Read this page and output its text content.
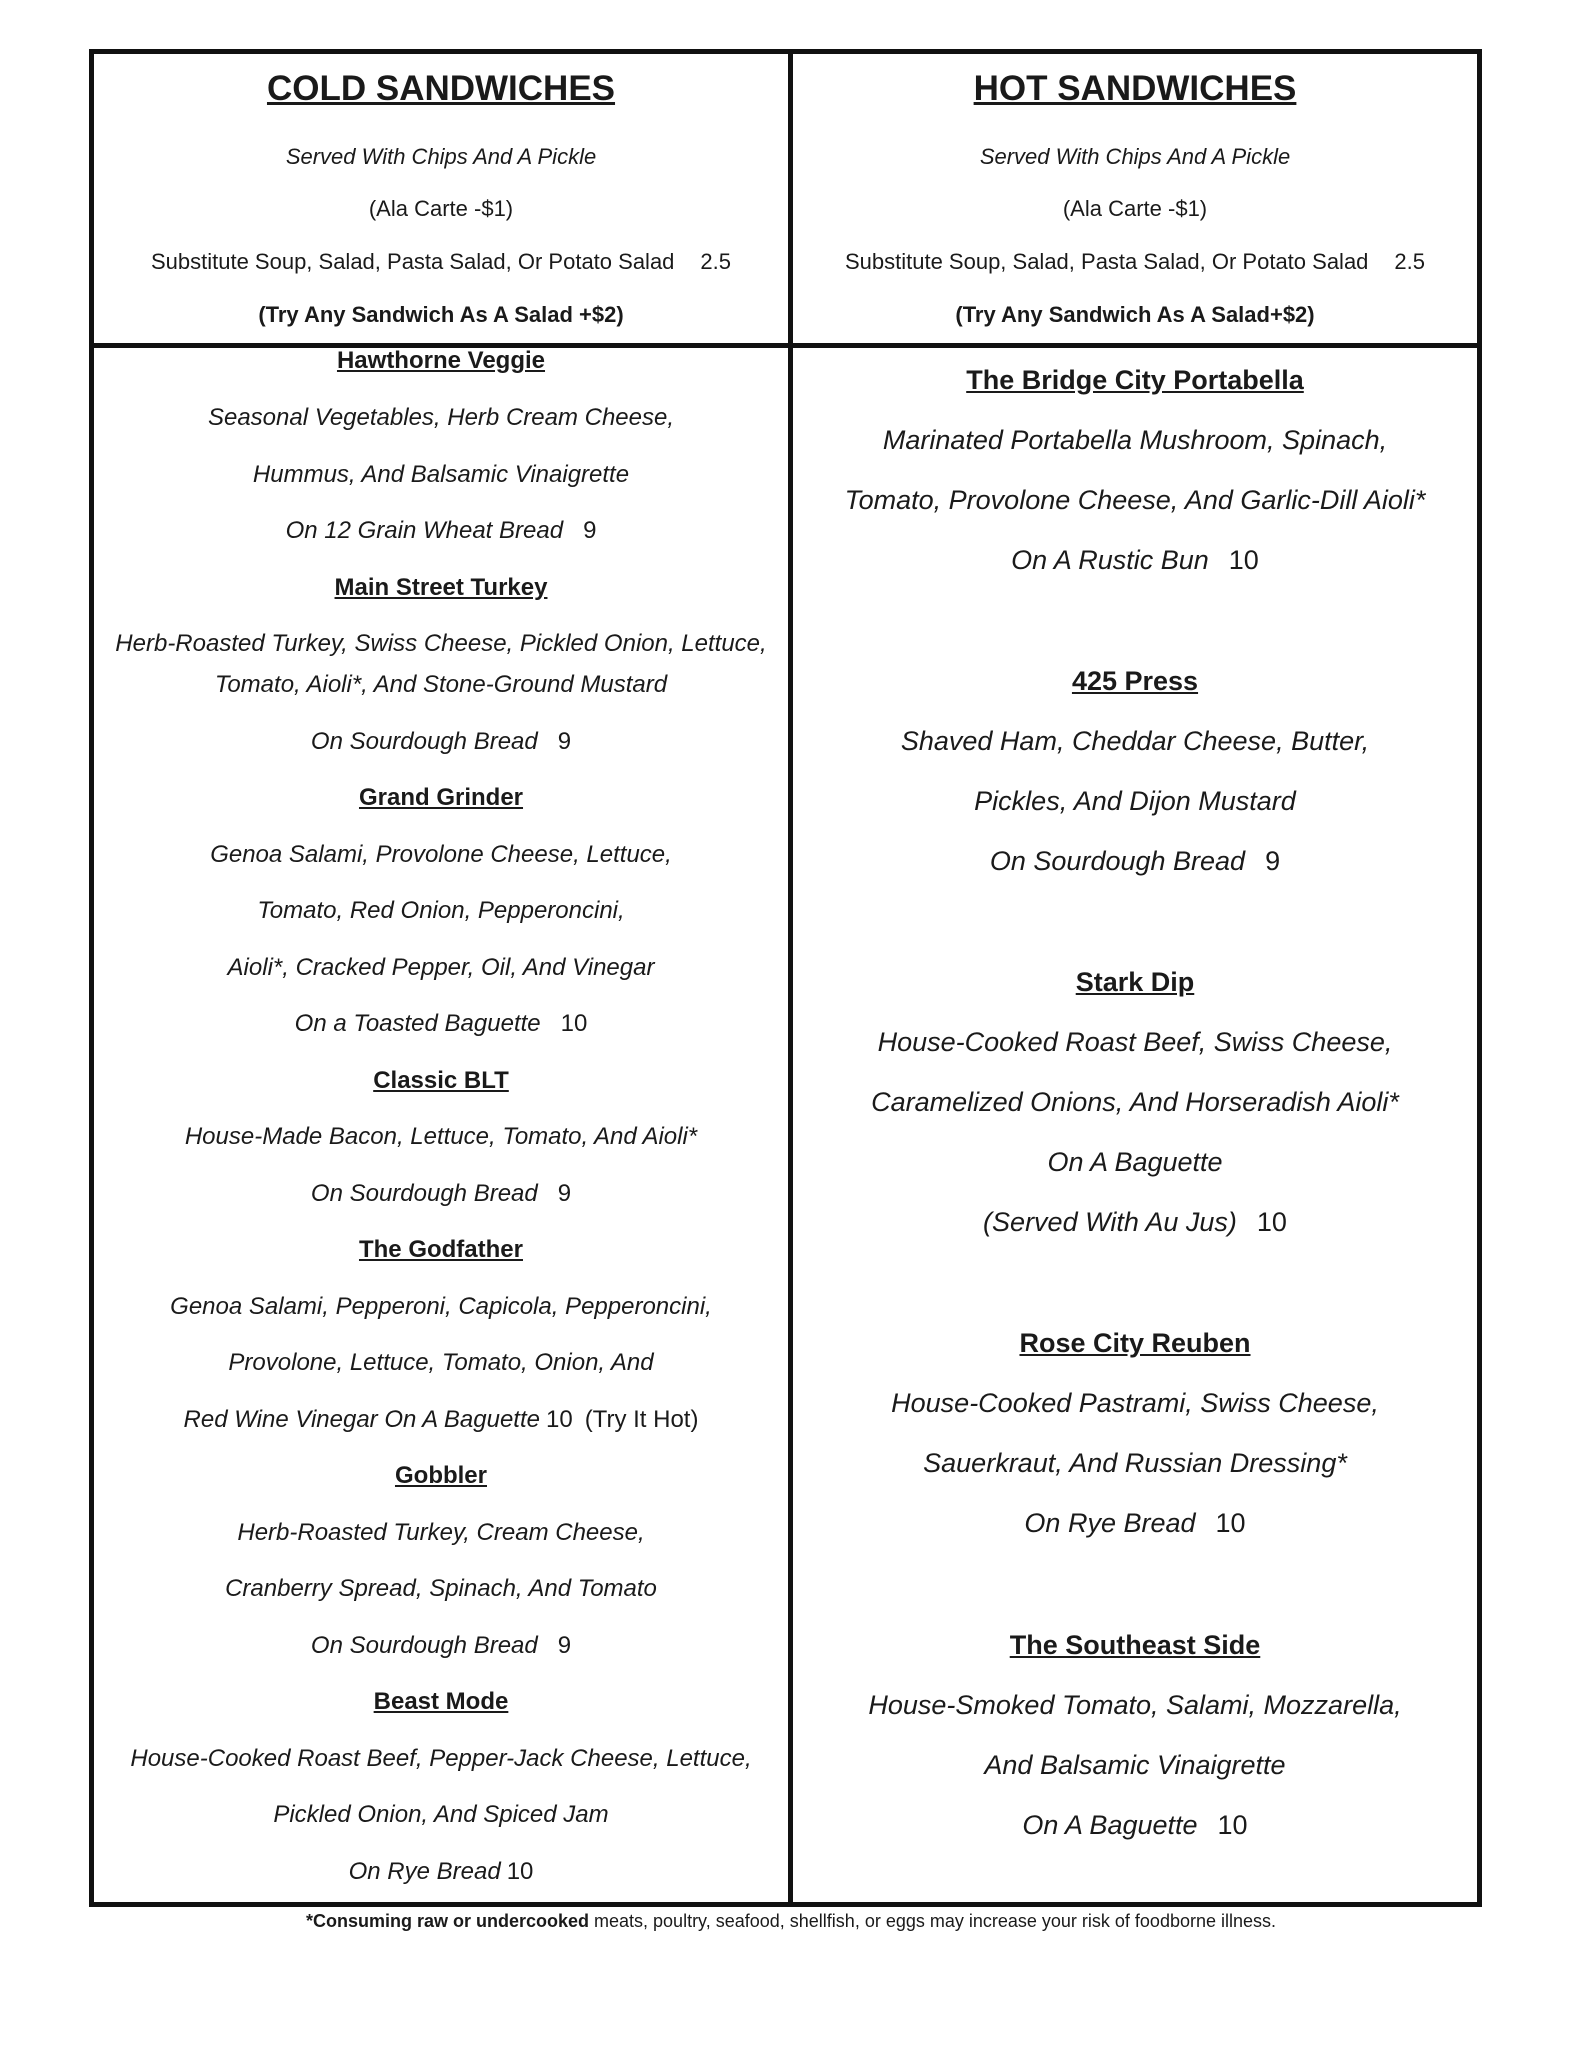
COLD SANDWICHES
Served With Chips And A Pickle
(Ala Carte -$1)
Substitute Soup, Salad, Pasta Salad, Or Potato Salad 2.5
(Try Any Sandwich As A Salad +$2)
HOT SANDWICHES
Served With Chips And A Pickle
(Ala Carte -$1)
Substitute Soup, Salad, Pasta Salad, Or Potato Salad 2.5
(Try Any Sandwich As A Salad+$2)
Hawthorne Veggie
Seasonal Vegetables, Herb Cream Cheese,
Hummus, And Balsamic Vinaigrette
On 12 Grain Wheat Bread 9
Main Street Turkey
Herb-Roasted Turkey, Swiss Cheese, Pickled Onion, Lettuce,
Tomato, Aioli*, And Stone-Ground Mustard
On Sourdough Bread 9
Grand Grinder
Genoa Salami, Provolone Cheese, Lettuce,
Tomato, Red Onion, Pepperoncini,
Aioli*, Cracked Pepper, Oil, And Vinegar
On a Toasted Baguette 10
Classic BLT
House-Made Bacon, Lettuce, Tomato, And Aioli*
On Sourdough Bread 9
The Godfather
Genoa Salami, Pepperoni, Capicola, Pepperoncini,
Provolone, Lettuce, Tomato, Onion, And
Red Wine Vinegar On A Baguette 10 (Try It Hot)
Gobbler
Herb-Roasted Turkey, Cream Cheese,
Cranberry Spread, Spinach, And Tomato
On Sourdough Bread 9
Beast Mode
House-Cooked Roast Beef, Pepper-Jack Cheese, Lettuce,
Pickled Onion, And Spiced Jam
On Rye Bread 10
The Bridge City Portabella
Marinated Portabella Mushroom, Spinach,
Tomato, Provolone Cheese, And Garlic-Dill Aioli*
On A Rustic Bun 10
425 Press
Shaved Ham, Cheddar Cheese, Butter,
Pickles, And Dijon Mustard
On Sourdough Bread 9
Stark Dip
House-Cooked Roast Beef, Swiss Cheese,
Caramelized Onions, And Horseradish Aioli*
On A Baguette
(Served With Au Jus) 10
Rose City Reuben
House-Cooked Pastrami, Swiss Cheese,
Sauerkraut, And Russian Dressing*
On Rye Bread 10
The Southeast Side
House-Smoked Tomato, Salami, Mozzarella,
And Balsamic Vinaigrette
On A Baguette 10
*Consuming raw or undercooked meats, poultry, seafood, shellfish, or eggs may increase your risk of foodborne illness.
